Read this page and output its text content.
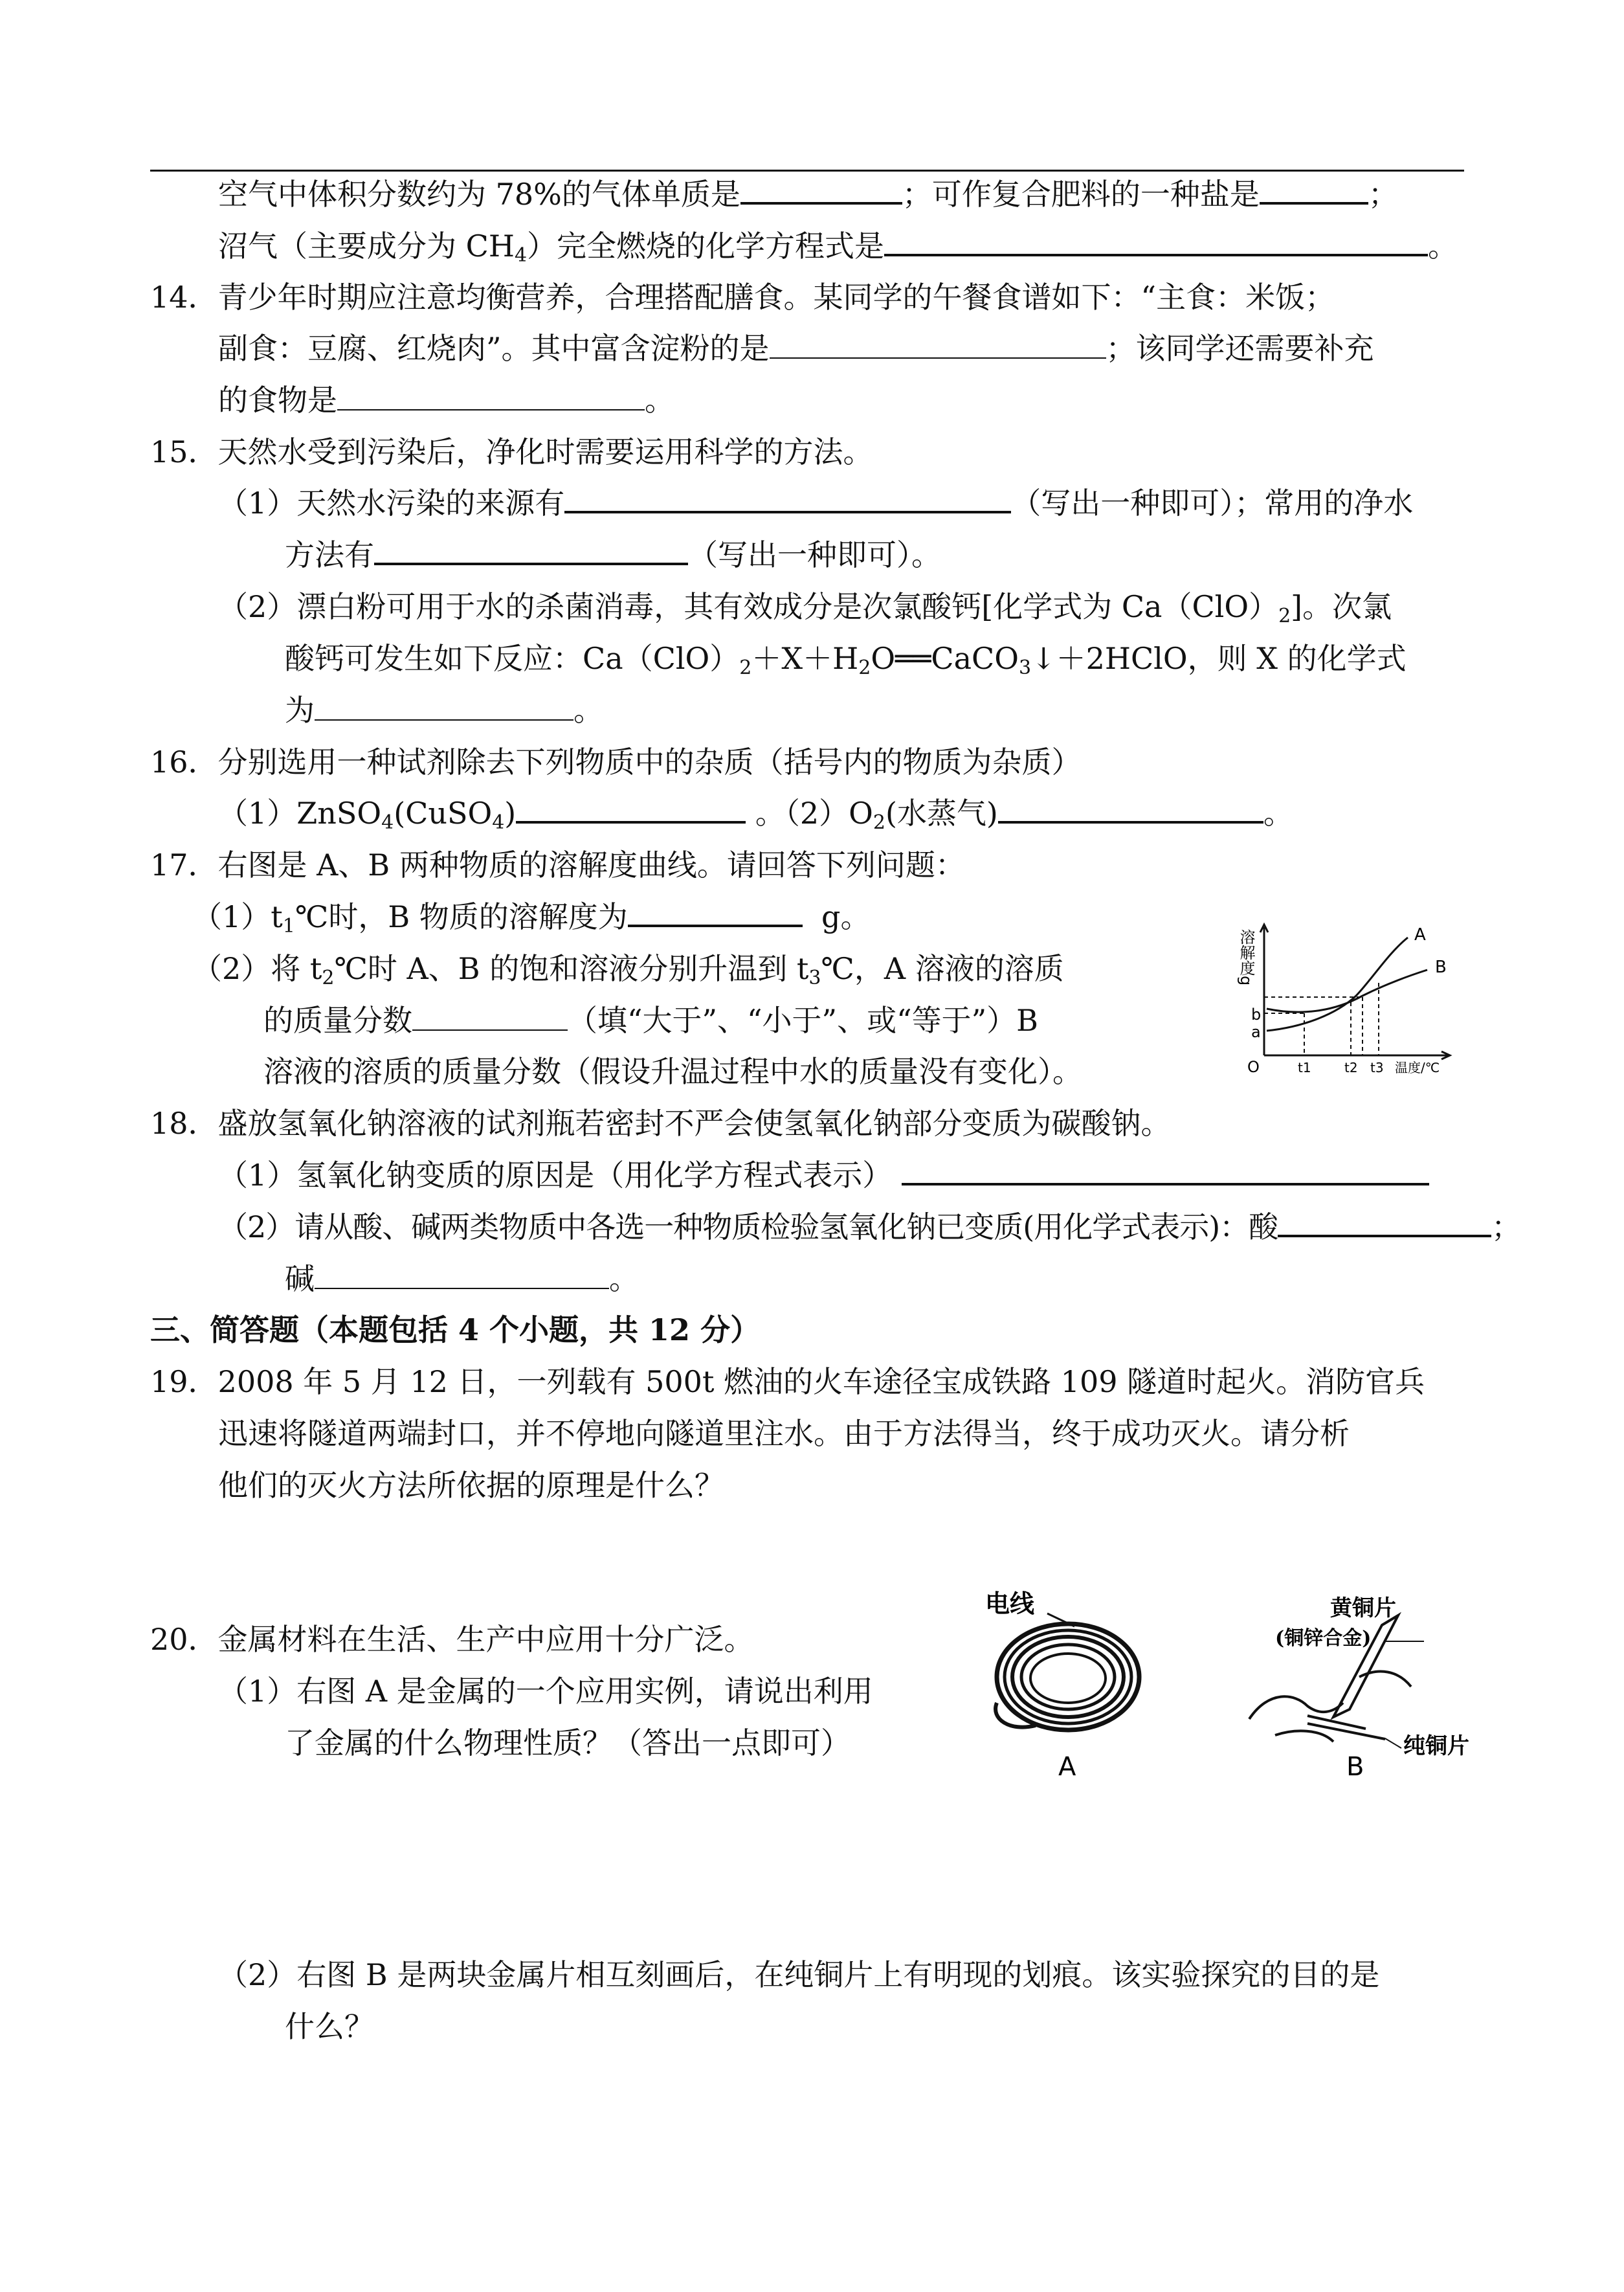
空气中体积分数约为 78%的气体单质是	；可作复合肥料的一种盐是	；
沼气（主要成分为 $CH_4$）完全燃烧的化学方程式是	。
14．青少年时期应注意均衡营养，合理搭配膳食。某同学的午餐食谱如下：“主食：米饭；
副食：豆腐、红烧肉”。其中富含淀粉的是	；该同学还需要补充
的食物是	。
15．天然水受到污染后，净化时需要运用科学的方法。
（1）天然水污染的来源有	（写出一种即可）；常用的净水
方法有	（写出一种即可）。
（2）漂白粉可用于水的杀菌消毒，其有效成分是次氯酸钙[化学式为 $Ca(ClO)_2$]。次氯
酸钙可发生如下反应：$Ca(ClO)_2+X+H_2O══CaCO_3↓+2HClO$，则 X 的化学式
为	。
16．分别选用一种试剂除去下列物质中的杂质（括号内的物质为杂质）
（1）ZnSO$_4$(CuSO$_4$)	。$(2)O_2$(水蒸气)	。
17．右图是 A、B 两种物质的溶解度曲线。请回答下列问题：
$(1)t_1℃$时，B 物质的溶解度为	g。
（2）将 $t_2℃$时 A、B 的饱和溶液分别升温到 $t_3℃$，A 溶液的溶质
的质量分数	（填“大于”、“小于”、或“等于”）B
溶液的溶质的质量分数（假设升温过程中水的质量没有变化）。
溶解度g
b
a
A
B
O	t1	t2 t3 温度/℃
18．盛放氢氧化钠溶液的试剂瓶若密封不严会使氢氧化钠部分变质为碳酸钠。
（1）氢氧化钠变质的原因是（用化学方程式表示）
（2）请从酸、碱两类物质中各选一种物质检验氢氧化钠已变质(用化学式表示)：酸	；
碱	。
三、简答题（本题包括 4 个小题，共 12 分）
19．2008 年 5 月 12 日，一列载有 500t 燃油的火车途径宝成铁路 109 隧道时起火。消防官兵
迅速将隧道两端封口，并不停地向隧道里注水。由于方法得当，终于成功灭火。请分析
他们的灭火方法所依据的原理是什么？
20．金属材料在生活、生产中应用十分广泛。
（1）右图 A 是金属的一个应用实例，请说出利用
了金属的什么物理性质？（答出一点即可）
电线
A
黄铜片
(铜锌合金)
纯铜片
B
（2）右图 B 是两块金属片相互刻画后，在纯铜片上有明现的划痕。该实验探究的目的是
什么？
